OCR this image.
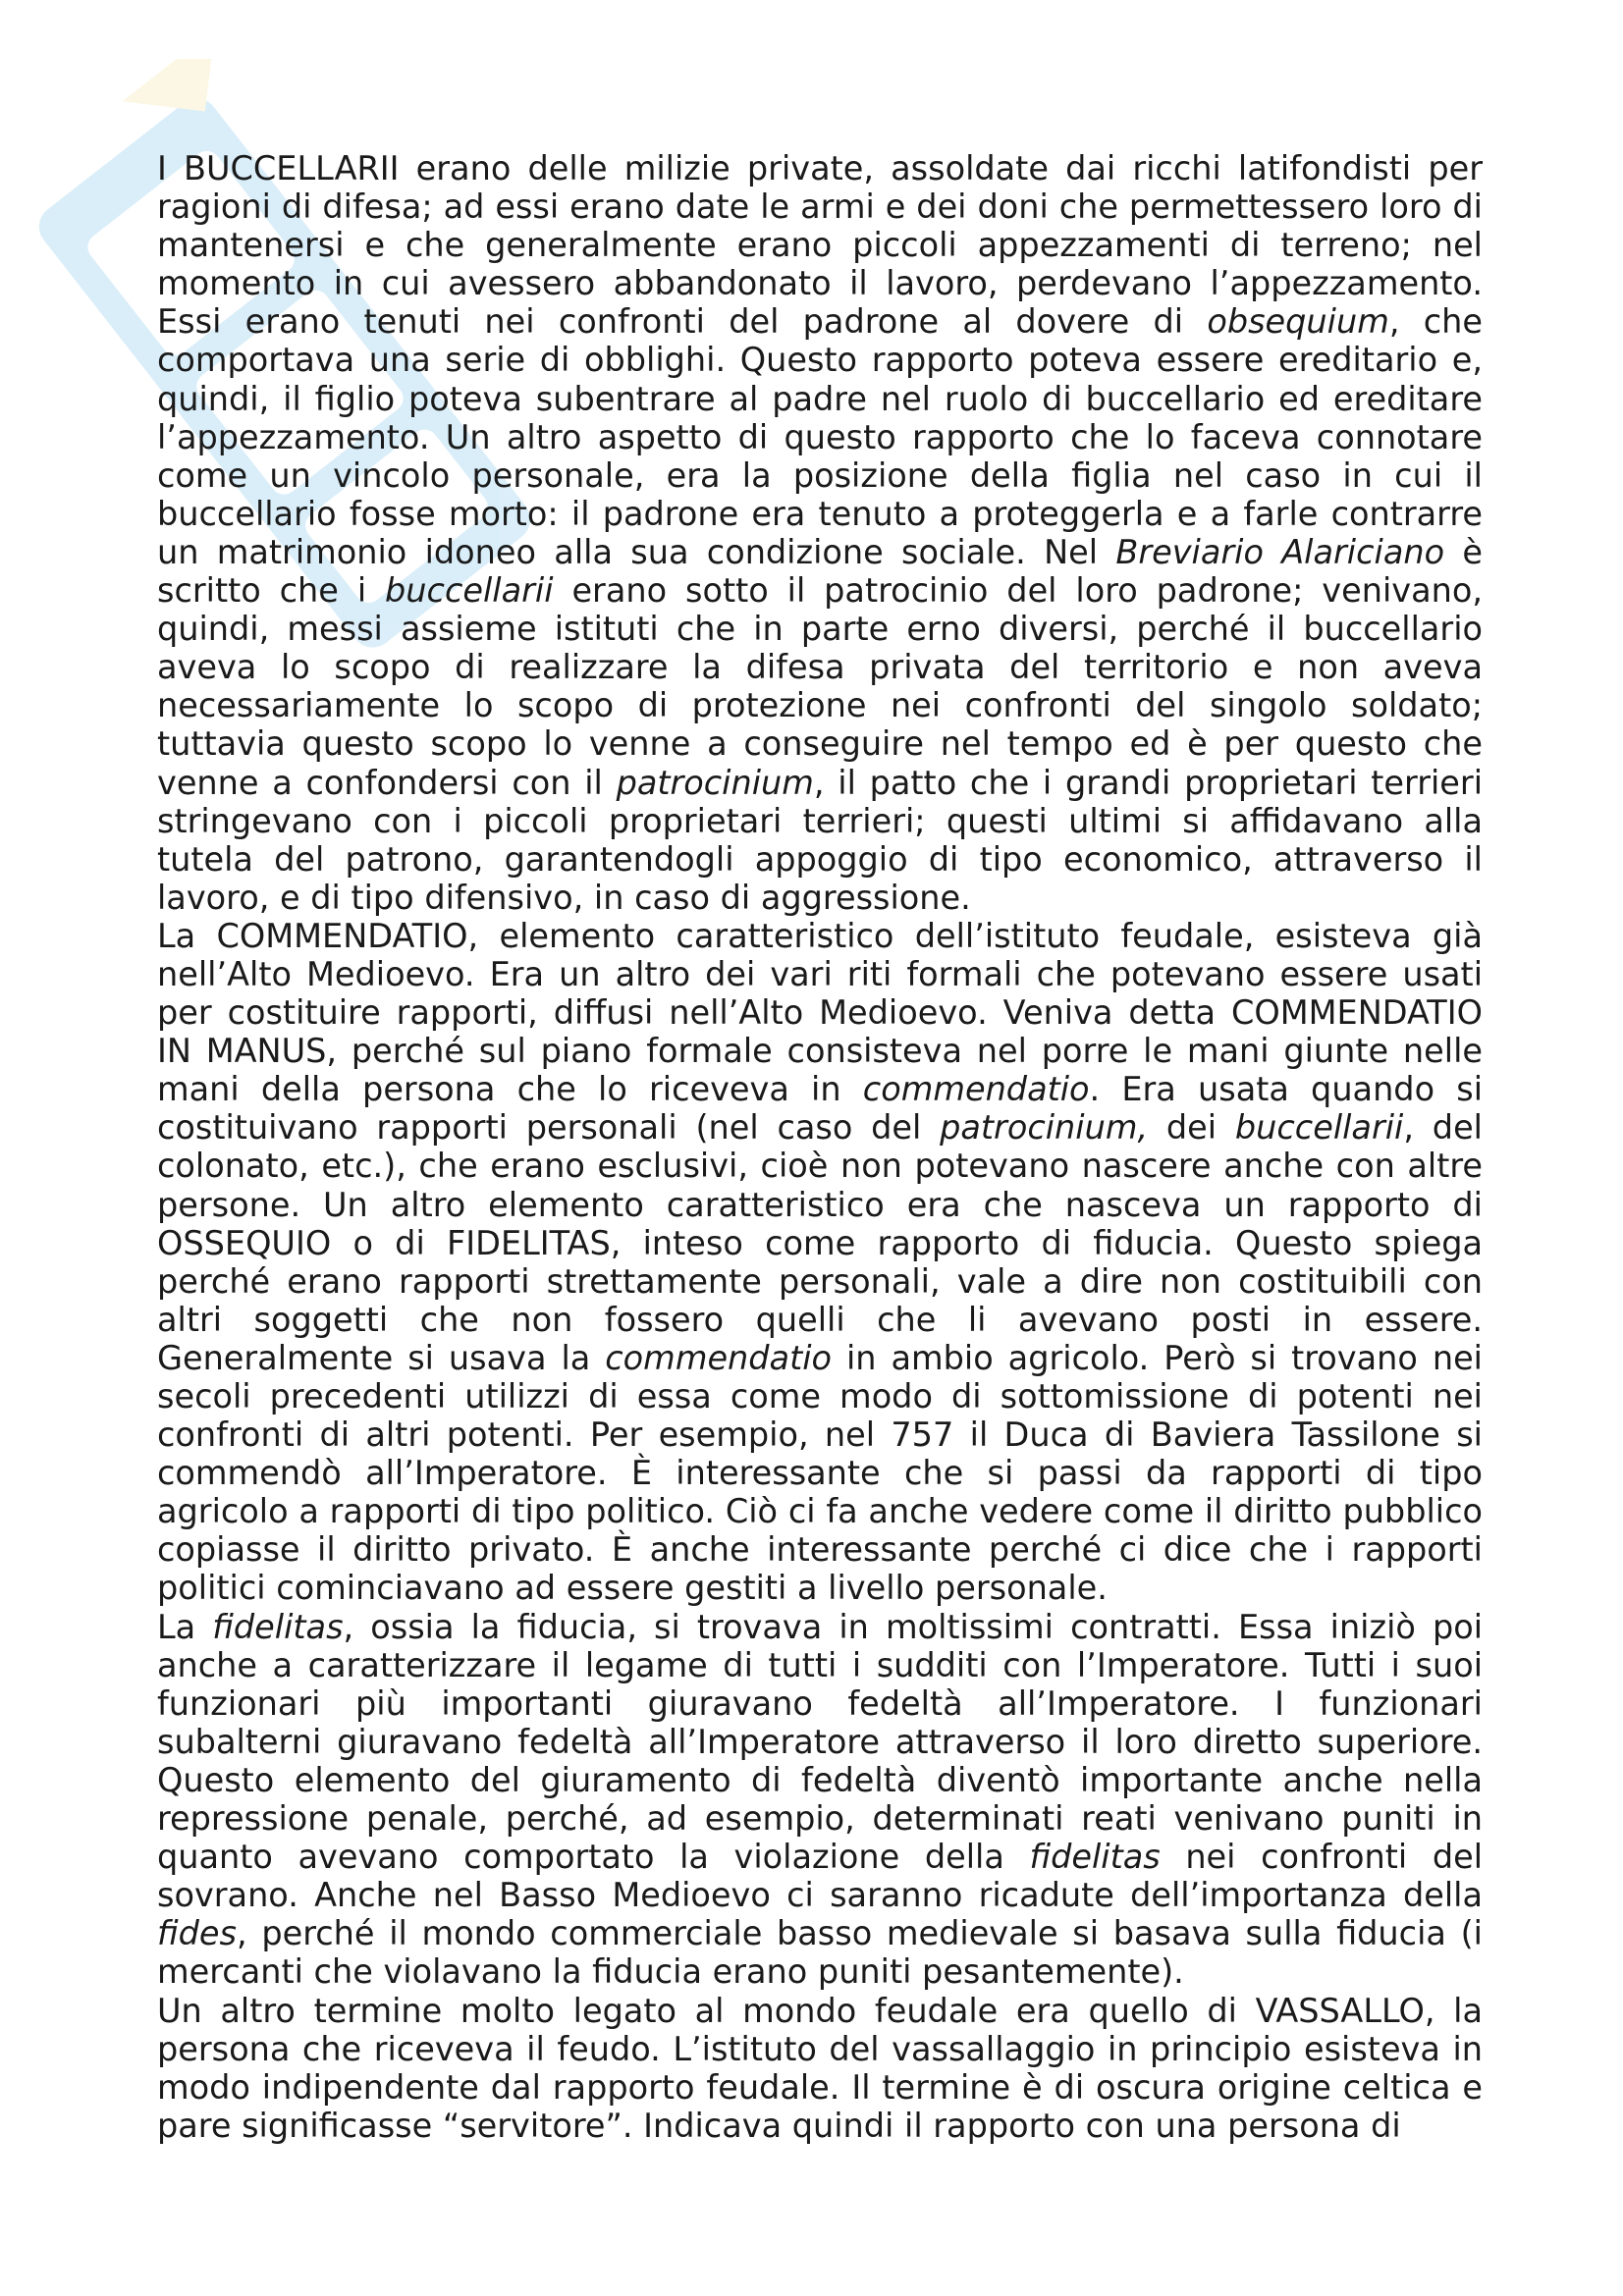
I BUCCELLARII erano delle milizie private, assoldate dai ricchi latifondisti per ragioni di difesa; ad essi erano date le armi e dei doni che permettessero loro di mantenersi e che generalmente erano piccoli appezzamenti di terreno; nel momento in cui avessero abbandonato il lavoro, perdevano l’appezzamento. Essi erano tenuti nei confronti del padrone al dovere di obsequium, che comportava una serie di obblighi. Questo rapporto poteva essere ereditario e, quindi, il figlio poteva subentrare al padre nel ruolo di buccellario ed ereditare l’appezzamento. Un altro aspetto di questo rapporto che lo faceva connotare come un vincolo personale, era la posizione della figlia nel caso in cui il buccellario fosse morto: il padrone era tenuto a proteggerla e a farle contrarre un matrimonio idoneo alla sua condizione sociale. Nel Breviario Alariciano è scritto che i buccellarii erano sotto il patrocinio del loro padrone; venivano, quindi, messi assieme istituti che in parte erno diversi, perché il buccellario aveva lo scopo di realizzare la difesa privata del territorio e non aveva necessariamente lo scopo di protezione nei confronti del singolo soldato; tuttavia questo scopo lo venne a conseguire nel tempo ed è per questo che venne a confondersi con il patrocinium, il patto che i grandi proprietari terrieri stringevano con i piccoli proprietari terrieri; questi ultimi si affidavano alla tutela del patrono, garantendogli appoggio di tipo economico, attraverso il lavoro, e di tipo difensivo, in caso di aggressione.

La COMMENDATIO, elemento caratteristico dell’istituto feudale, esisteva già nell’Alto Medioevo. Era un altro dei vari riti formali che potevano essere usati per costituire rapporti, diffusi nell’Alto Medioevo. Veniva detta COMMENDATIO IN MANUS, perché sul piano formale consisteva nel porre le mani giunte nelle mani della persona che lo riceveva in commendatio. Era usata quando si costituivano rapporti personali (nel caso del patrocinium, dei buccellarii, del colonato, etc.), che erano esclusivi, cioè non potevano nascere anche con altre persone. Un altro elemento caratteristico era che nasceva un rapporto di OSSEQUIO o di FIDELITAS, inteso come rapporto di fiducia. Questo spiega perché erano rapporti strettamente personali, vale a dire non costituibili con altri soggetti che non fossero quelli che li avevano posti in essere. Generalmente si usava la commendatio in ambio agricolo. Però si trovano nei secoli precedenti utilizzi di essa come modo di sottomissione di potenti nei confronti di altri potenti. Per esempio, nel 757 il Duca di Baviera Tassilone si commendò all’Imperatore. È interessante che si passi da rapporti di tipo agricolo a rapporti di tipo politico. Ciò ci fa anche vedere come il diritto pubblico copiasse il diritto privato. È anche interessante perché ci dice che i rapporti politici cominciavano ad essere gestiti a livello personale.

La fidelitas, ossia la fiducia, si trovava in moltissimi contratti. Essa iniziò poi anche a caratterizzare il legame di tutti i sudditi con l’Imperatore. Tutti i suoi funzionari più importanti giuravano fedeltà all’Imperatore. I funzionari subalterni giuravano fedeltà all’Imperatore attraverso il loro diretto superiore. Questo elemento del giuramento di fedeltà diventò importante anche nella repressione penale, perché, ad esempio, determinati reati venivano puniti in quanto avevano comportato la violazione della fidelitas nei confronti del sovrano. Anche nel Basso Medioevo ci saranno ricadute dell’importanza della fides, perché il mondo commerciale basso medievale si basava sulla fiducia (i mercanti che violavano la fiducia erano puniti pesantemente).

Un altro termine molto legato al mondo feudale era quello di VASSALLO, la persona che riceveva il feudo. L’istituto del vassallaggio in principio esisteva in modo indipendente dal rapporto feudale. Il termine è di oscura origine celtica e pare significasse “servitore”. Indicava quindi il rapporto con una persona di
